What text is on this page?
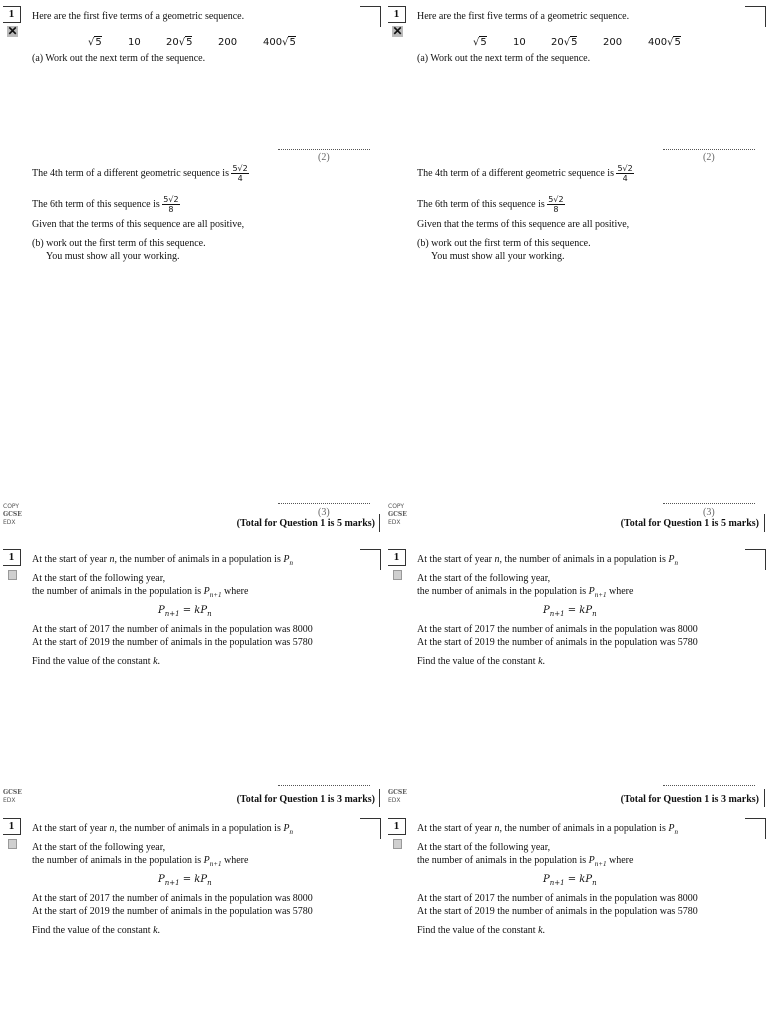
1
✕
Here are the first five terms of a geometric sequence.
√5	10	20√5	200	400√5
(a) Work out the next term of the sequence.
(2)
The 4th term of a different geometric sequence is $\frac{5√2}{4}$
The 6th term of this sequence is $\frac{5√2}{8}$
Given that the terms of this sequence are all positive,
(b) work out the first term of this sequence.
You must show all your working.
1
✕
Here are the first five terms of a geometric sequence.
√5	10	20√5	200	400√5
(a) Work out the next term of the sequence.
(2)
The 4th term of a different geometric sequence is $\frac{5√2}{4}$
The 6th term of this sequence is $\frac{5√2}{8}$
Given that the terms of this sequence are all positive,
(b) work out the first term of this sequence.
You must show all your working.
COPY
GCSE
EDX
(3)
(Total for Question 1 is 5 marks)
COPY
GCSE
EDX
(3)
(Total for Question 1 is 5 marks)
1	At the start of year n, the number of animals in a population is $P_n$
At the start of the following year,
the number of animals in the population is $P_{n+1}$ where
$P_{n+1} = kP_n$
At the start of 2017 the number of animals in the population was 8000
At the start of 2019 the number of animals in the population was 5780
Find the value of the constant k.
1	At the start of year n, the number of animals in a population is $P_n$
At the start of the following year,
the number of animals in the population is $P_{n+1}$ where
$P_{n+1} = kP_n$
At the start of 2017 the number of animals in the population was 8000
At the start of 2019 the number of animals in the population was 5780
Find the value of the constant k.
GCSE
EDX	(Total for Question 1 is 3 marks)
GCSE
EDX	(Total for Question 1 is 3 marks)
1	At the start of year n, the number of animals in a population is $P_n$
At the start of the following year,
the number of animals in the population is $P_{n+1}$ where
$P_{n+1} = kP_n$
At the start of 2017 the number of animals in the population was 8000
At the start of 2019 the number of animals in the population was 5780
Find the value of the constant k.
1	At the start of year n, the number of animals in a population is $P_n$
At the start of the following year,
the number of animals in the population is $P_{n+1}$ where
$P_{n+1} = kP_n$
At the start of 2017 the number of animals in the population was 8000
At the start of 2019 the number of animals in the population was 5780
Find the value of the constant k.
